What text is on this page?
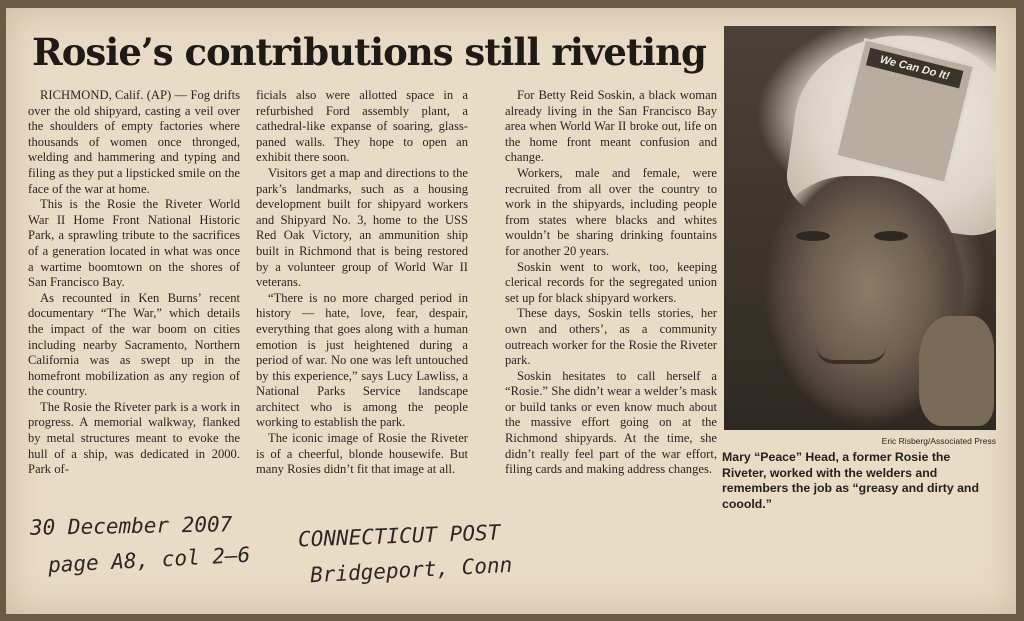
Rosie’s contributions still riveting

RICHMOND, Calif. (AP) — Fog drifts over the old shipyard, casting a veil over the shoulders of empty factories where thousands of women once thronged, welding and hammering and typing and filing as they put a lipsticked smile on the face of the war at home.

This is the Rosie the Riveter World War II Home Front National Historic Park, a sprawling tribute to the sacrifices of a generation located in what was once a wartime boomtown on the shores of San Francisco Bay.

As recounted in Ken Burns’ recent documentary “The War,” which details the impact of the war boom on cities including nearby Sacramento, Northern California was as swept up in the homefront mobilization as any region of the country.

The Rosie the Riveter park is a work in progress. A memorial walkway, flanked by metal structures meant to evoke the hull of a ship, was dedicated in 2000. Park of-

ficials also were allotted space in a refurbished Ford assembly plant, a cathedral-like expanse of soaring, glass-paned walls. They hope to open an exhibit there soon.

Visitors get a map and directions to the park’s landmarks, such as a housing development built for shipyard workers and Shipyard No. 3, home to the USS Red Oak Victory, an ammunition ship built in Richmond that is being restored by a volunteer group of World War II veterans.

“There is no more charged period in history — hate, love, fear, despair, everything that goes along with a human emotion is just heightened during a period of war. No one was left untouched by this experience,” says Lucy Lawliss, a National Parks Service landscape architect who is among the people working to establish the park.

The iconic image of Rosie the Riveter is of a cheerful, blonde housewife. But many Rosies didn’t fit that image at all.

For Betty Reid Soskin, a black woman already living in the San Francisco Bay area when World War II broke out, life on the home front meant confusion and change.

Workers, male and female, were recruited from all over the country to work in the shipyards, including people from states where blacks and whites wouldn’t be sharing drinking fountains for another 20 years.

Soskin went to work, too, keeping clerical records for the segregated union set up for black shipyard workers.

These days, Soskin tells stories, her own and others’, as a community outreach worker for the Rosie the Riveter park.

Soskin hesitates to call herself a “Rosie.” She didn’t wear a welder’s mask or build tanks or even know much about the massive effort going on at the Richmond shipyards. At the time, she didn’t really feel part of the war effort, filing cards and making address changes.

We Can Do It!
Eric Risberg/Associated Press
Mary “Peace” Head, a former Rosie the Riveter, worked with the welders and remembers the job as “greasy and dirty and cooold.”
30 December 2007
page A8, col 2–6
CONNECTICUT POST
Bridgeport, Conn
